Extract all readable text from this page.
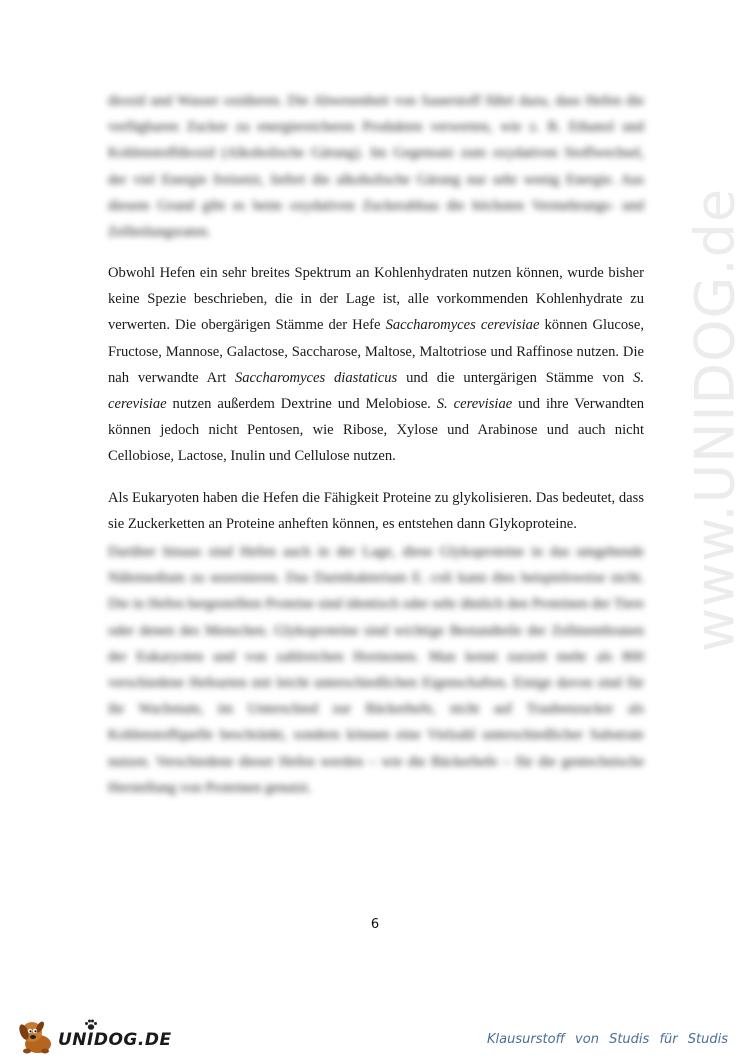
www.UNIDOG.de

dioxid und Wasser oxidieren. Die Abwesenheit von Sauerstoff führt dazu, dass Hefen die verfügbaren Zucker zu energiereicheren Produkten verwerten, wie z. B. Ethanol und Kohlenstoffdioxid (Alkoholische Gärung). Im Gegensatz zum oxydativen Stoffwechsel, der viel Energie freisetzt, liefert die alkoholische Gärung nur sehr wenig Energie. Aus diesem Grund gibt es beim oxydativen Zuckerabbau die höchsten Vermehrungs- und Zellteilungsraten.

Obwohl Hefen ein sehr breites Spektrum an Kohlenhydraten nutzen können, wurde bisher keine Spezie beschrieben, die in der Lage ist, alle vorkommenden Kohlenhydrate zu verwerten. Die obergärigen Stämme der Hefe Saccharomyces cerevisiae können Glucose, Fructose, Mannose, Galactose, Saccharose, Maltose, Maltotriose und Raffinose nutzen. Die nah verwandte Art Saccharomyces diastaticus und die untergärigen Stämme von S. cerevisiae nutzen außerdem Dextrine und Melobiose. S. cerevisiae und ihre Verwandten können jedoch nicht Pentosen, wie Ribose, Xylose und Arabinose und auch nicht Cellobiose, Lactose, Inulin und Cellulose nutzen.

Als Eukaryoten haben die Hefen die Fähigkeit Proteine zu glykolisieren. Das bedeutet, dass sie Zuckerketten an Proteine anheften können, es entstehen dann Glykoproteine.

Darüber hinaus sind Hefen auch in der Lage, diese Glykoproteine in das umgebende Nährmedium zu sezernieren. Das Darmbakterium E. coli kann dies beispielsweise nicht. Die in Hefen hergestellten Proteine sind identisch oder sehr ähnlich den Proteinen der Tiere oder denen des Menschen. Glykoproteine sind wichtige Bestandteile der Zellmembranen der Eukaryoten und von zahlreichen Hormonen. Man kennt zurzeit mehr als 800 verschiedene Hefearten mit leicht unterschiedlichen Eigenschaften. Einige davon sind für ihr Wachstum, im Unterschied zur Bäckerhefe, nicht auf Traubenzucker als Kohlenstoffquelle beschränkt, sondern können eine Vielzahl unterschiedlicher Substrate nutzen. Verschiedene dieser Hefen werden – wie die Bäckerhefe – für die gentechnische Herstellung von Proteinen genutzt.

6
UNIDOG.DE	Klausurstoff von Studis für Studis
